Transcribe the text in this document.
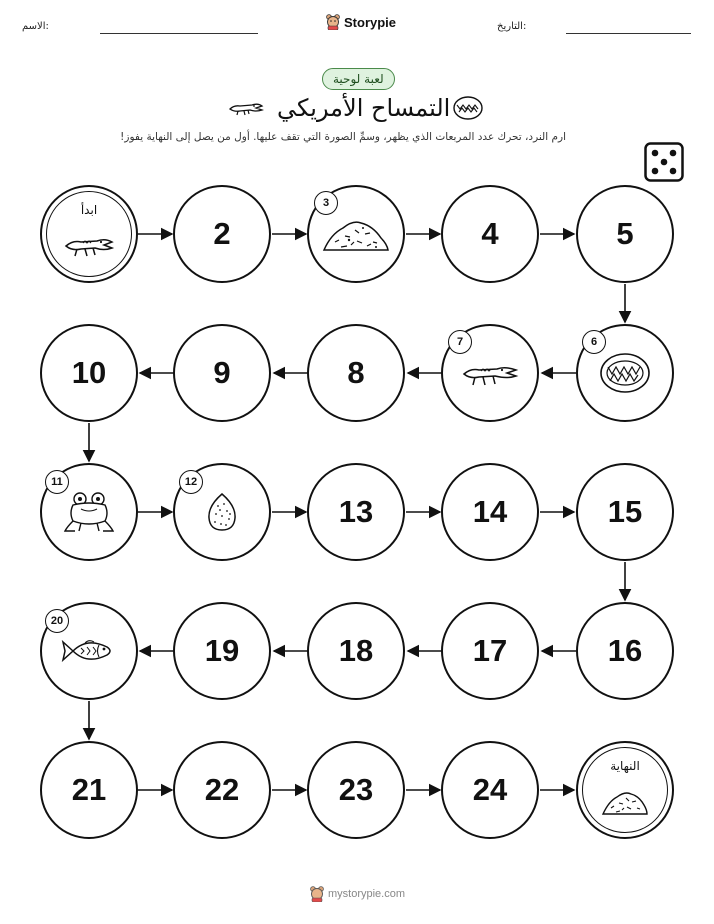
الاسم:	Storypie	التاريخ:
لعبة لوحية
التمساح الأمريكي
ارم النرد، تحرك عدد المربعات الذي يظهر، وسمِّ الصورة التي تقف عليها. أول من يصل إلى النهاية يفوز!
ابدأ
2
3
4	5
10	9	8
7	6
11	12
13	14	15
20
19	18	17	16
21	22	23	24
النهاية
mystorypie.com
